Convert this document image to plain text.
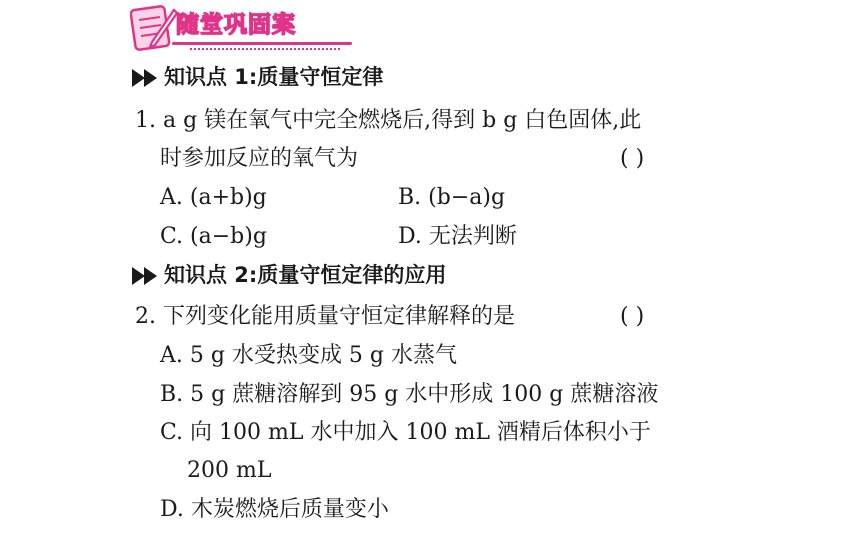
随堂巩固案
知识点 1:质量守恒定律
1. a g 镁在氧气中完全燃烧后,得到 b g 白色固体,此
时参加反应的氧气为	( )
A. (a+b)g	B. (b−a)g
C. (a−b)g	D. 无法判断
知识点 2:质量守恒定律的应用
2. 下列变化能用质量守恒定律解释的是	( )
A. 5 g 水受热变成 5 g 水蒸气
B. 5 g 蔗糖溶解到 95 g 水中形成 100 g 蔗糖溶液
C. 向 100 mL 水中加入 100 mL 酒精后体积小于
200 mL
D. 木炭燃烧后质量变小
